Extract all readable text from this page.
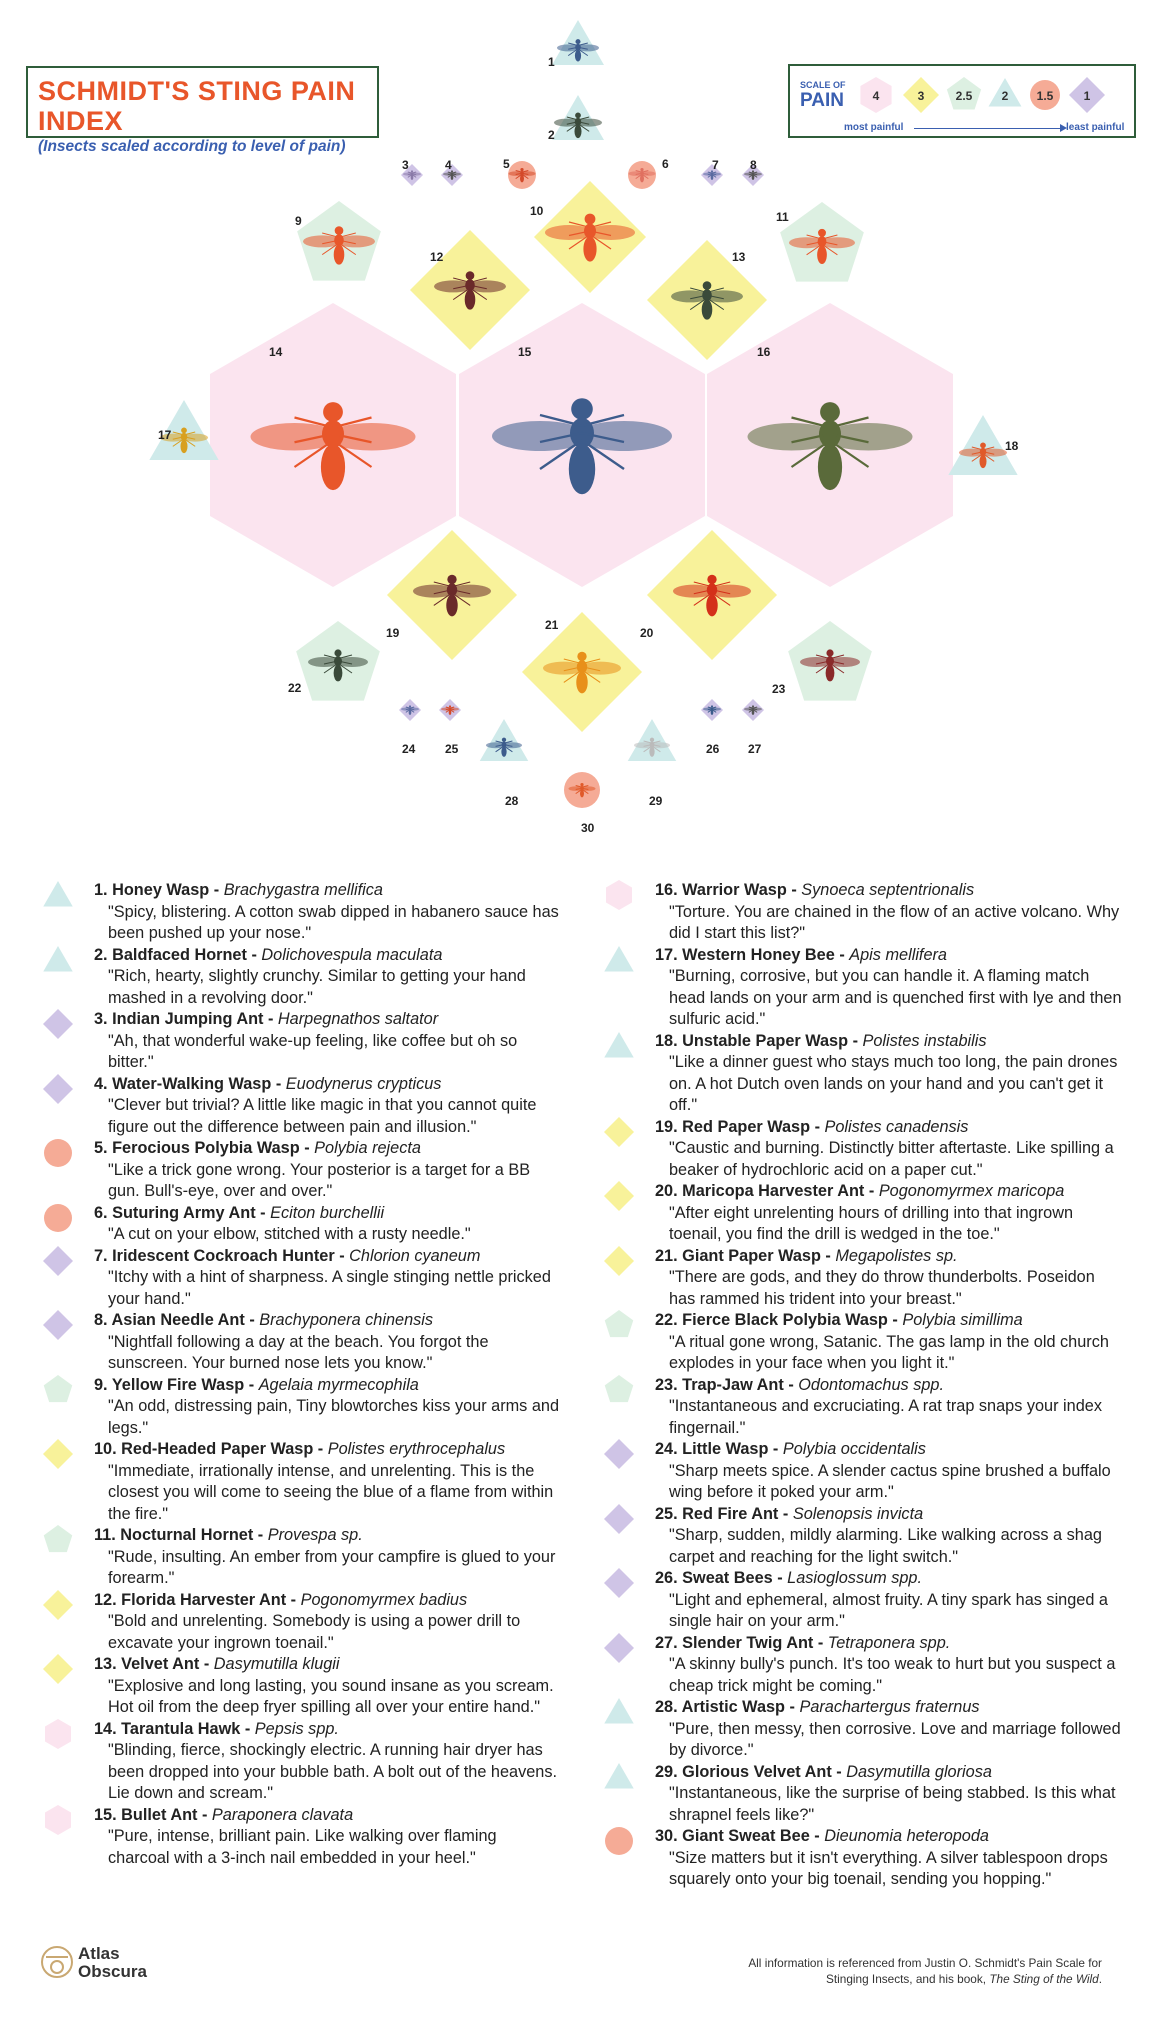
SCHMIDT'S STING PAIN INDEX
(Insects scaled according to level of pain)
SCALE OF
PAIN 4	3	2.5 2 1.5	1
most painful	least painful
1
2
3	4	5	6	7	8
9
10	11
12	13
14	15	16
17
18
19	20
21
22	23
24 25	26 27
28	29
30
1. Honey Wasp - Brachygastra mellifica
"Spicy, blistering. A cotton swab dipped in habanero sauce has been pushed up your nose."
2. Baldfaced Hornet - Dolichovespula maculata
"Rich, hearty, slightly crunchy. Similar to getting your hand mashed in a revolving door."
3. Indian Jumping Ant - Harpegnathos saltator
"Ah, that wonderful wake-up feeling, like coffee but oh so bitter."
4. Water-Walking Wasp - Euodynerus crypticus
"Clever but trivial? A little like magic in that you cannot quite figure out the difference between pain and illusion."
5. Ferocious Polybia Wasp - Polybia rejecta
"Like a trick gone wrong. Your posterior is a target for a BB gun. Bull's-eye, over and over."
6. Suturing Army Ant - Eciton burchellii
"A cut on your elbow, stitched with a rusty needle."
7. Iridescent Cockroach Hunter - Chlorion cyaneum
"Itchy with a hint of sharpness. A single stinging nettle pricked your hand."
8. Asian Needle Ant - Brachyponera chinensis
"Nightfall following a day at the beach. You forgot the sunscreen. Your burned nose lets you know."
9. Yellow Fire Wasp - Agelaia myrmecophila
"An odd, distressing pain, Tiny blowtorches kiss your arms and legs."
10. Red-Headed Paper Wasp - Polistes erythrocephalus
"Immediate, irrationally intense, and unrelenting. This is the closest you will come to seeing the blue of a flame from within the fire."
11. Nocturnal Hornet - Provespa sp.
"Rude, insulting. An ember from your campfire is glued to your forearm."
12. Florida Harvester Ant - Pogonomyrmex badius
"Bold and unrelenting. Somebody is using a power drill to excavate your ingrown toenail."
13. Velvet Ant - Dasymutilla klugii
"Explosive and long lasting, you sound insane as you scream. Hot oil from the deep fryer spilling all over your entire hand."
14. Tarantula Hawk - Pepsis spp.
"Blinding, fierce, shockingly electric. A running hair dryer has been dropped into your bubble bath. A bolt out of the heavens. Lie down and scream."
15. Bullet Ant - Paraponera clavata
"Pure, intense, brilliant pain. Like walking over flaming charcoal with a 3-inch nail embedded in your heel."
16. Warrior Wasp - Synoeca septentrionalis
"Torture. You are chained in the flow of an active volcano. Why did I start this list?"
17. Western Honey Bee - Apis mellifera
"Burning, corrosive, but you can handle it. A flaming match head lands on your arm and is quenched first with lye and then sulfuric acid."
18. Unstable Paper Wasp - Polistes instabilis
"Like a dinner guest who stays much too long, the pain drones on. A hot Dutch oven lands on your hand and you can't get it off."
19. Red Paper Wasp - Polistes canadensis
"Caustic and burning. Distinctly bitter aftertaste. Like spilling a beaker of hydrochloric acid on a paper cut."
20. Maricopa Harvester Ant - Pogonomyrmex maricopa
"After eight unrelenting hours of drilling into that ingrown toenail, you find the drill is wedged in the toe."
21. Giant Paper Wasp - Megapolistes sp.
"There are gods, and they do throw thunderbolts. Poseidon has rammed his trident into your breast."
22. Fierce Black Polybia Wasp - Polybia simillima
"A ritual gone wrong, Satanic. The gas lamp in the old church explodes in your face when you light it."
23. Trap-Jaw Ant - Odontomachus spp.
"Instantaneous and excruciating. A rat trap snaps your index fingernail."
24. Little Wasp - Polybia occidentalis
"Sharp meets spice. A slender cactus spine brushed a buffalo wing before it poked your arm."
25. Red Fire Ant - Solenopsis invicta
"Sharp, sudden, mildly alarming. Like walking across a shag carpet and reaching for the light switch."
26. Sweat Bees - Lasioglossum spp.
"Light and ephemeral, almost fruity. A tiny spark has singed a single hair on your arm."
27. Slender Twig Ant - Tetraponera spp.
"A skinny bully's punch. It's too weak to hurt but you suspect a cheap trick might be coming."
28. Artistic Wasp - Parachartergus fraternus
"Pure, then messy, then corrosive. Love and marriage followed by divorce."
29. Glorious Velvet Ant - Dasymutilla gloriosa
"Instantaneous, like the surprise of being stabbed. Is this what shrapnel feels like?"
30. Giant Sweat Bee - Dieunomia heteropoda
"Size matters but it isn't everything. A silver tablespoon drops squarely onto your big toenail, sending you hopping."
Atlas
Obscura	All information is referenced from Justin O. Schmidt's Pain Scale for
Stinging Insects, and his book, The Sting of the Wild.
